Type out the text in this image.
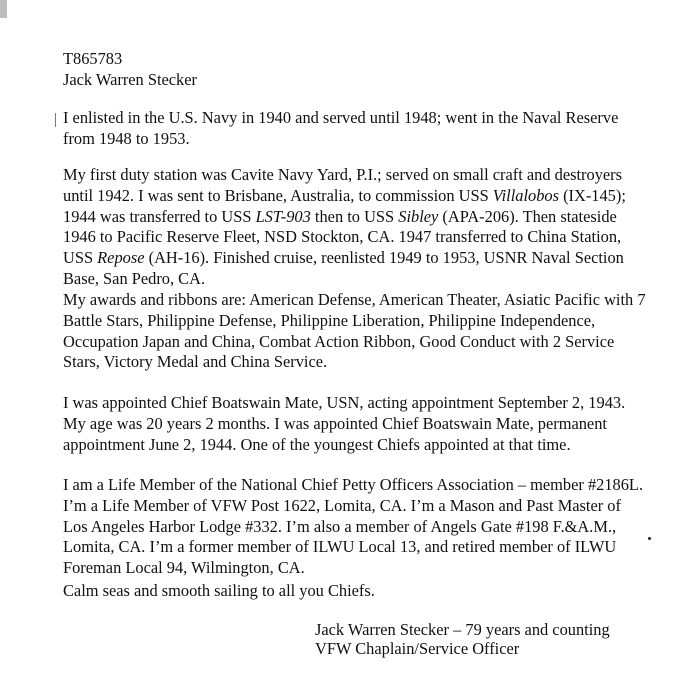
T865783
Jack Warren Stecker
I enlisted in the U.S. Navy in 1940 and served until 1948; went in the Naval Reserve
from 1948 to 1953.
My first duty station was Cavite Navy Yard, P.I.; served on small craft and destroyers
until 1942. I was sent to Brisbane, Australia, to commission USS Villalobos (IX-145);
1944 was transferred to USS LST-903 then to USS Sibley (APA-206). Then stateside
1946 to Pacific Reserve Fleet, NSD Stockton, CA. 1947 transferred to China Station,
USS Repose (AH-16). Finished cruise, reenlisted 1949 to 1953, USNR Naval Section
Base, San Pedro, CA.
My awards and ribbons are: American Defense, American Theater, Asiatic Pacific with 7
Battle Stars, Philippine Defense, Philippine Liberation, Philippine Independence,
Occupation Japan and China, Combat Action Ribbon, Good Conduct with 2 Service
Stars, Victory Medal and China Service.
I was appointed Chief Boatswain Mate, USN, acting appointment September 2, 1943.
My age was 20 years 2 months. I was appointed Chief Boatswain Mate, permanent
appointment June 2, 1944. One of the youngest Chiefs appointed at that time.
I am a Life Member of the National Chief Petty Officers Association – member #2186L.
I’m a Life Member of VFW Post 1622, Lomita, CA. I’m a Mason and Past Master of
Los Angeles Harbor Lodge #332. I’m also a member of Angels Gate #198 F.&A.M.,
Lomita, CA. I’m a former member of ILWU Local 13, and retired member of ILWU
Foreman Local 94, Wilmington, CA.
Calm seas and smooth sailing to all you Chiefs.
Jack Warren Stecker – 79 years and counting
VFW Chaplain/Service Officer
